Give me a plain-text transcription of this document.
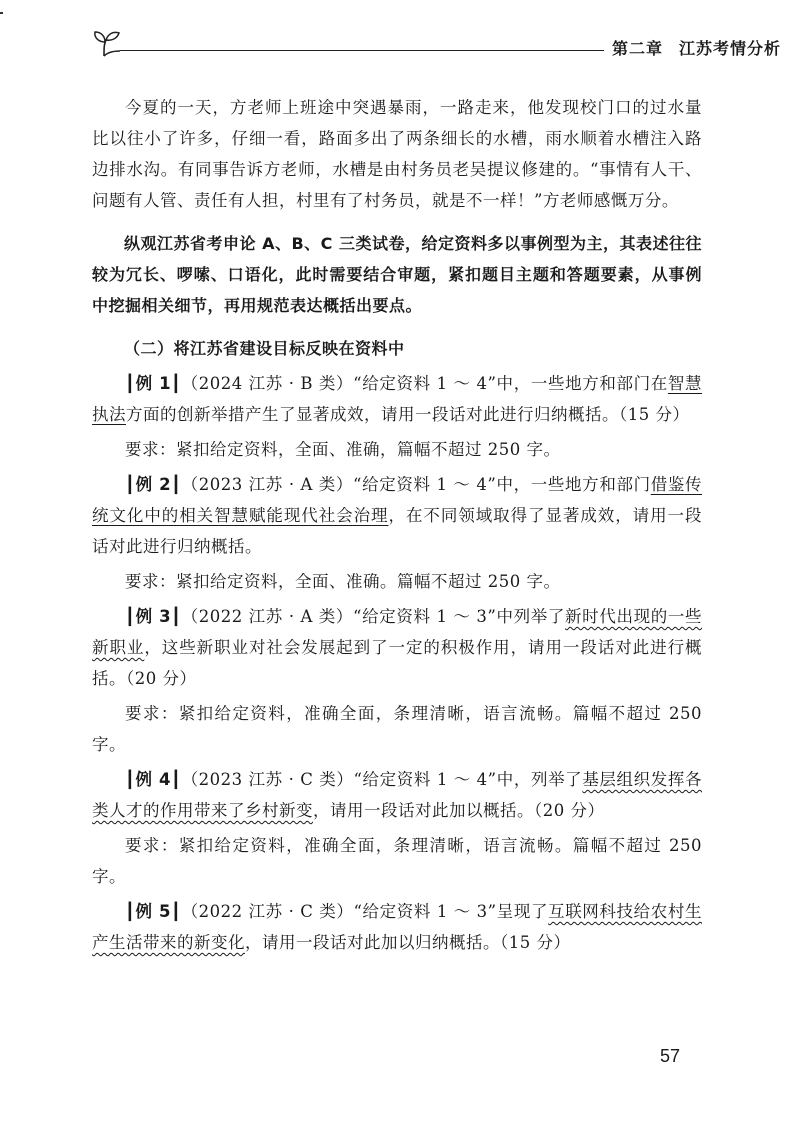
第二章 江苏考情分析

今夏的一天，方老师上班途中突遇暴雨，一路走来，他发现校门口的过水量比以往小了许多，仔细一看，路面多出了两条细长的水槽，雨水顺着水槽注入路边排水沟。有同事告诉方老师，水槽是由村务员老吴提议修建的。“事情有人干、问题有人管、责任有人担，村里有了村务员，就是不一样！”方老师感慨万分。

纵观江苏省考申论 A、B、C 三类试卷，给定资料多以事例型为主，其表述往往较为冗长、啰嗦、口语化，此时需要结合审题，紧扣题目主题和答题要素，从事例中挖掘相关细节，再用规范表达概括出要点。

（二）将江苏省建设目标反映在资料中

┃例 1┃（2024 江苏 · B 类）“给定资料 1 ～ 4”中，一些地方和部门在智慧执法方面的创新举措产生了显著成效，请用一段话对此进行归纳概括。（15 分）

要求：紧扣给定资料，全面、准确，篇幅不超过 250 字。

┃例 2┃（2023 江苏 · A 类）“给定资料 1 ～ 4”中，一些地方和部门借鉴传统文化中的相关智慧赋能现代社会治理，在不同领域取得了显著成效，请用一段话对此进行归纳概括。

要求：紧扣给定资料，全面、准确。篇幅不超过 250 字。

┃例 3┃（2022 江苏 · A 类）“给定资料 1 ～ 3”中列举了新时代出现的一些新职业，这些新职业对社会发展起到了一定的积极作用，请用一段话对此进行概括。（20 分）

要求：紧扣给定资料，准确全面，条理清晰，语言流畅。篇幅不超过 250 字。

┃例 4┃（2023 江苏 · C 类）“给定资料 1 ～ 4”中，列举了基层组织发挥各类人才的作用带来了乡村新变，请用一段话对此加以概括。（20 分）

要求：紧扣给定资料，准确全面，条理清晰，语言流畅。篇幅不超过 250 字。

┃例 5┃（2022 江苏 · C 类）“给定资料 1 ～ 3”呈现了互联网科技给农村生产生活带来的新变化，请用一段话对此加以归纳概括。（15 分）

57
